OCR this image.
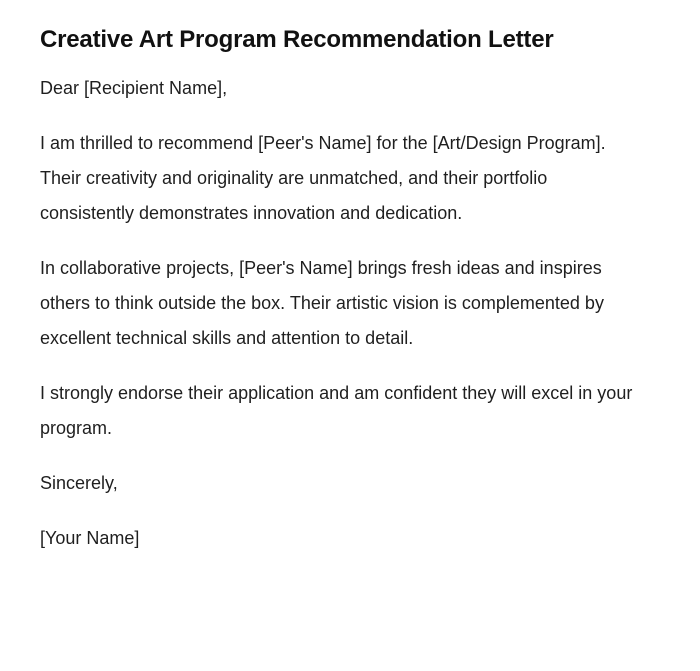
Creative Art Program Recommendation Letter

Dear [Recipient Name],

I am thrilled to recommend [Peer's Name] for the [Art/Design Program]. Their creativity and originality are unmatched, and their portfolio consistently demonstrates innovation and dedication.

In collaborative projects, [Peer's Name] brings fresh ideas and inspires others to think outside the box. Their artistic vision is complemented by excellent technical skills and attention to detail.

I strongly endorse their application and am confident they will excel in your program.

Sincerely,

[Your Name]
